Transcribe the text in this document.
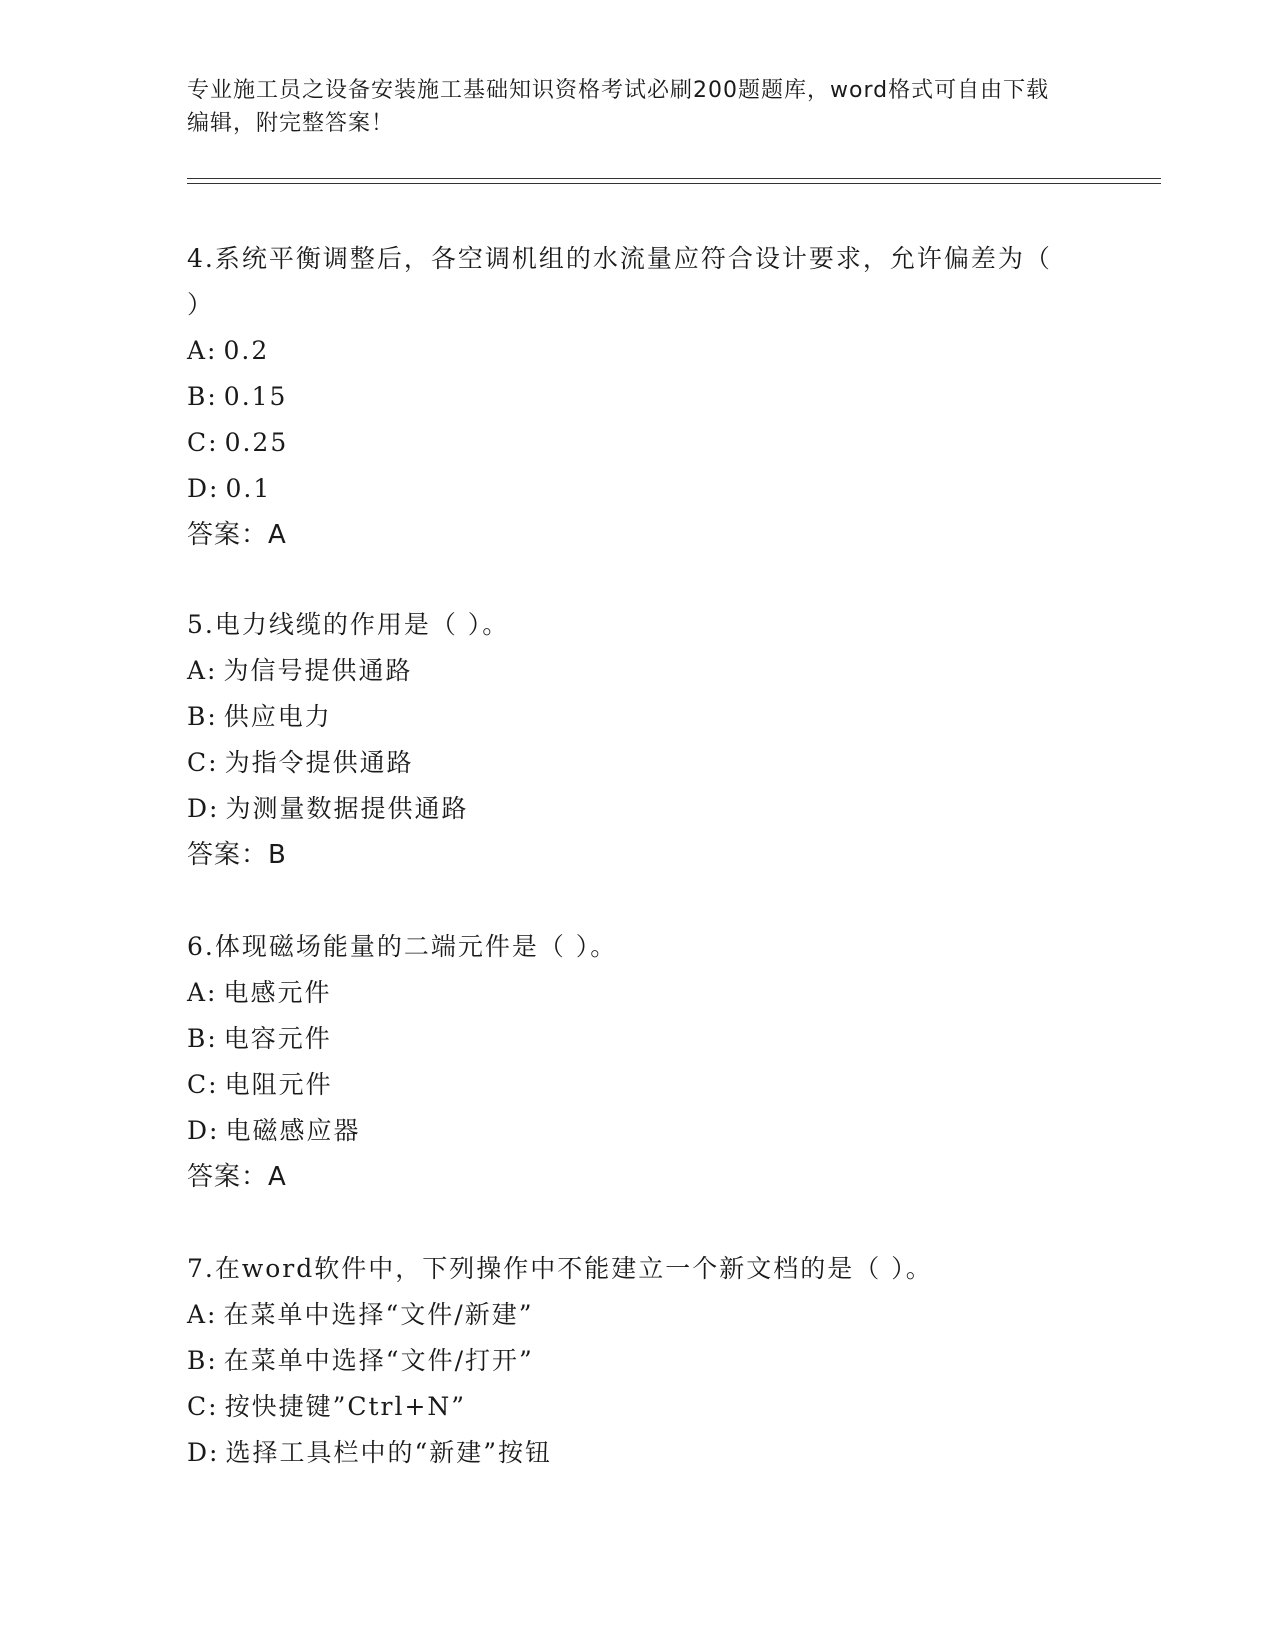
专业施工员之设备安装施工基础知识资格考试必刷200题题库，word格式可自由下载编辑，附完整答案！
4.系统平衡调整后，各空调机组的水流量应符合设计要求，允许偏差为（ ）
A: 0.2
B: 0.15
C: 0.25
D: 0.1
答案：A
5.电力线缆的作用是（ ）。
A: 为信号提供通路
B: 供应电力
C: 为指令提供通路
D: 为测量数据提供通路
答案：B
6.体现磁场能量的二端元件是（ ）。
A: 电感元件
B: 电容元件
C: 电阻元件
D: 电磁感应器
答案：A
7.在word软件中，下列操作中不能建立一个新文档的是（ ）。
A: 在菜单中选择“文件/新建”
B: 在菜单中选择“文件/打开”
C: 按快捷键”Ctrl+N”
D: 选择工具栏中的“新建”按钮
